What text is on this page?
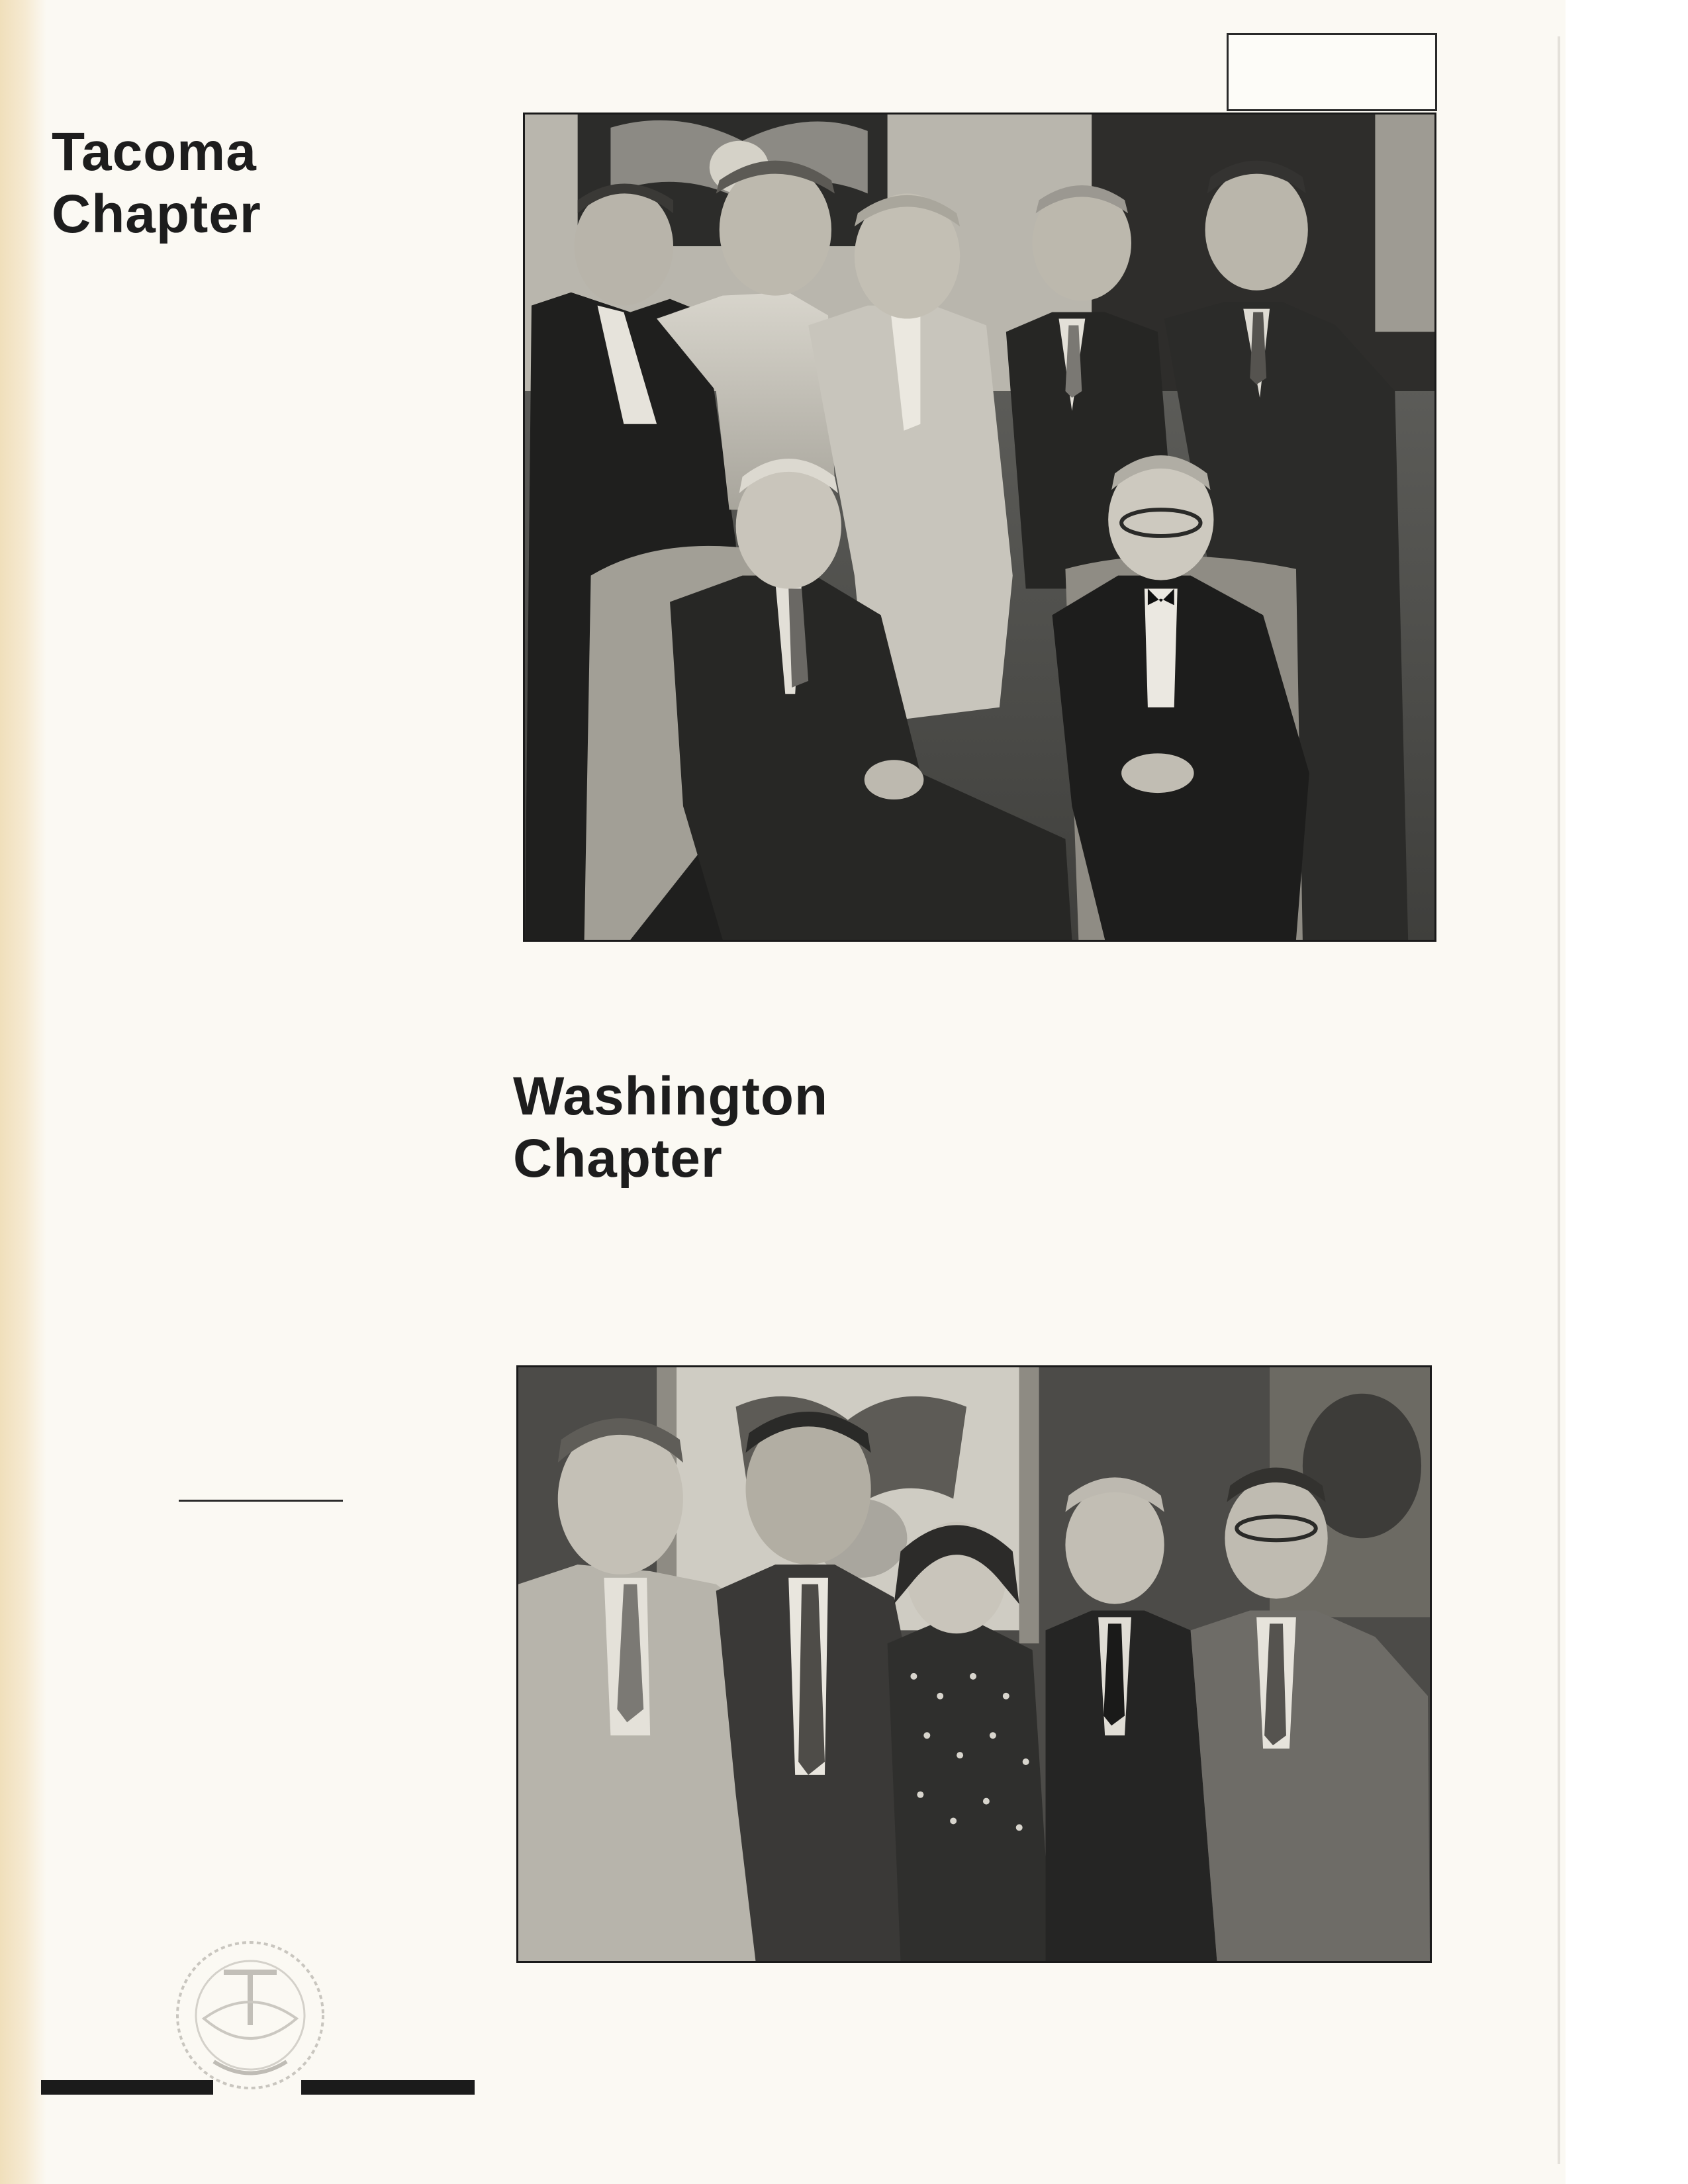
Tacoma
Chapter
Washington
Chapter
